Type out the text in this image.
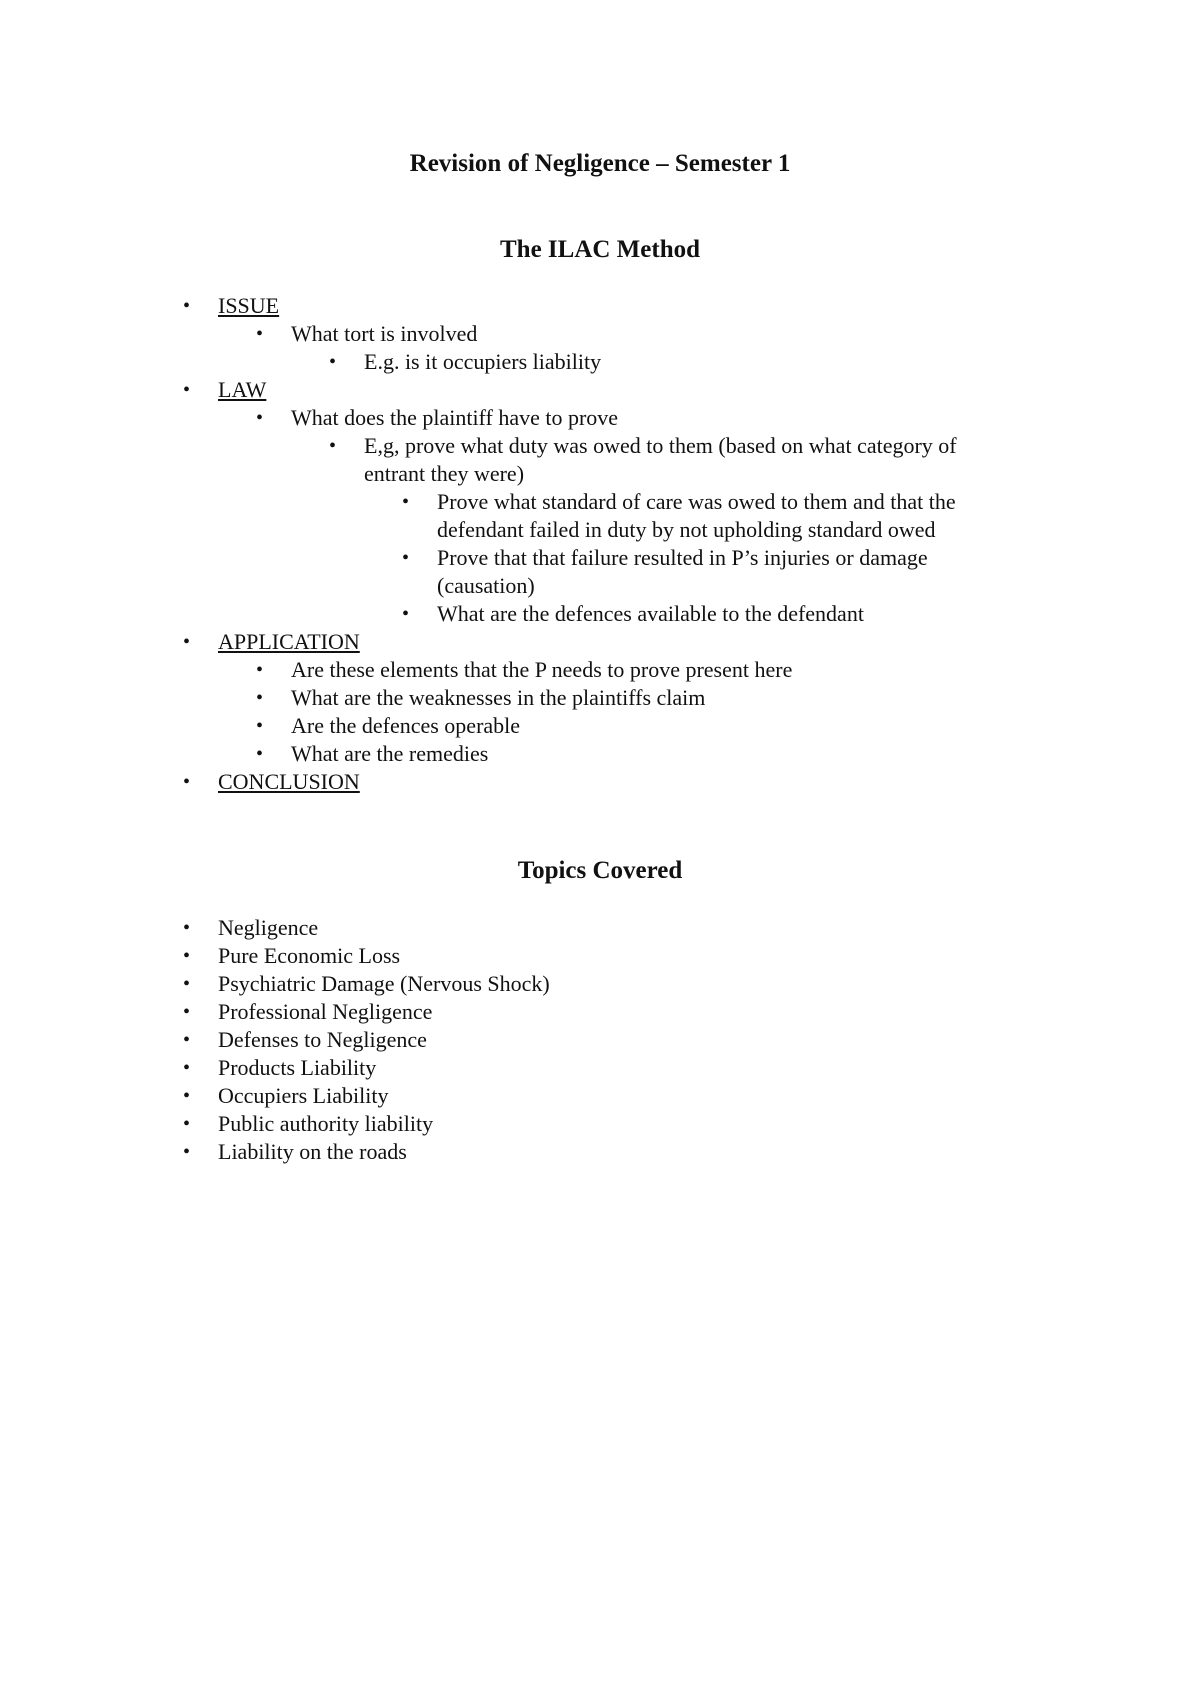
Revision of Negligence – Semester 1
The ILAC Method
• ISSUE
• What tort is involved
• E.g. is it occupiers liability
• LAW
• What does the plaintiff have to prove
• E,g, prove what duty was owed to them (based on what category of
entrant they were)
• Prove what standard of care was owed to them and that the
defendant failed in duty by not upholding standard owed
• Prove that that failure resulted in P’s injuries or damage
(causation)
• What are the defences available to the defendant
• APPLICATION
• Are these elements that the P needs to prove present here
• What are the weaknesses in the plaintiffs claim
• Are the defences operable
• What are the remedies
• CONCLUSION
Topics Covered
• Negligence
• Pure Economic Loss
• Psychiatric Damage (Nervous Shock)
• Professional Negligence
• Defenses to Negligence
• Products Liability
• Occupiers Liability
• Public authority liability
• Liability on the roads
